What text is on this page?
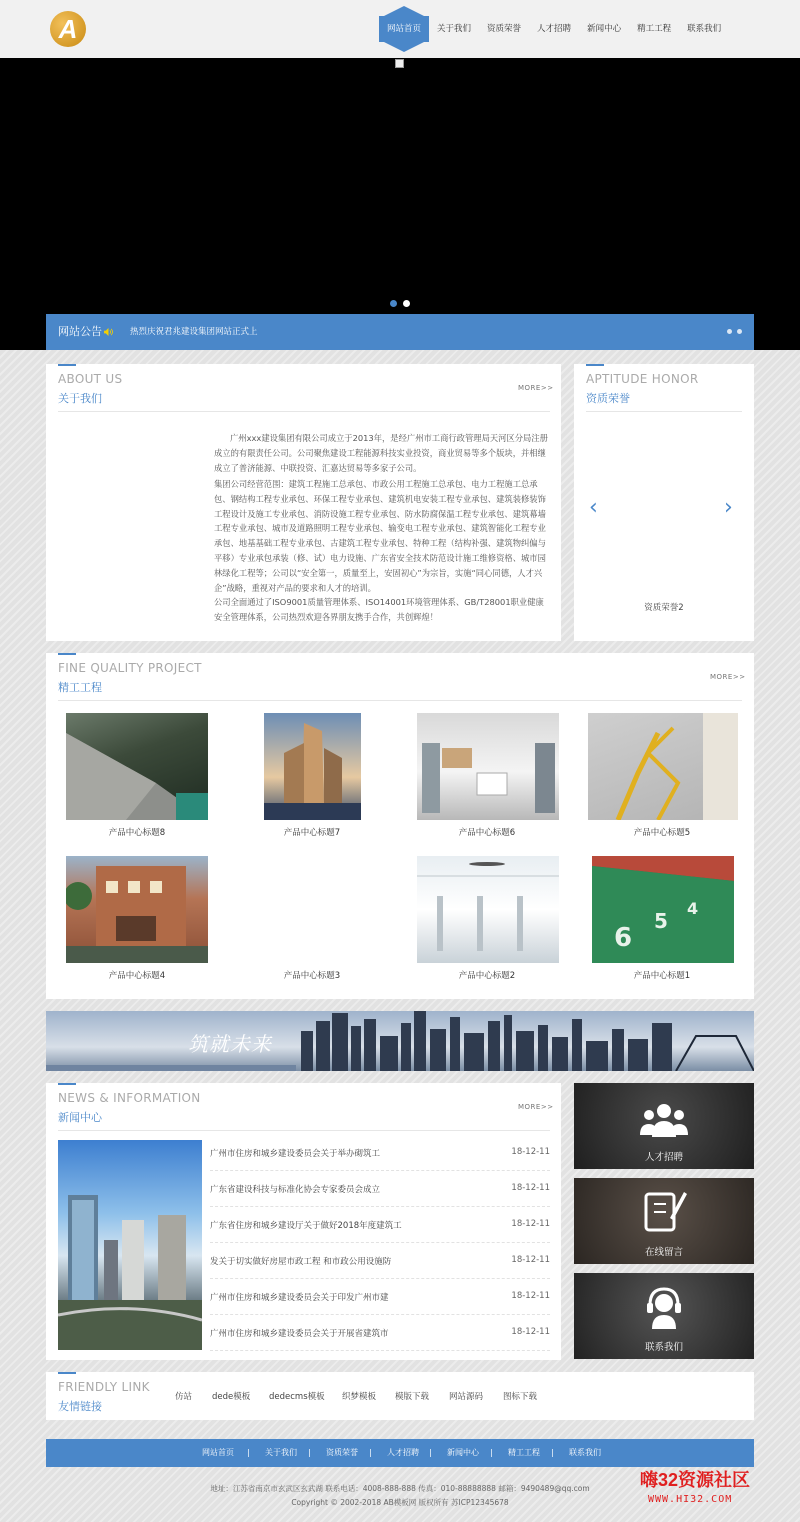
A	网站首页	关于我们	资质荣誉	人才招聘	新闻中心	精工工程	联系我们
网站公告	热烈庆祝君兆建设集团网站正式上
ABOUT US
关于我们
MORE>>
广州xxx建设集团有限公司成立于2013年，是经广州市工商行政管理局天河区分局注册成立的有限责任公司。公司聚焦建设工程能源科技实业投资，商业贸易等多个版块，并相继成立了普济能源、中联投资、汇嘉达贸易等多家子公司。
集团公司经营范围：建筑工程施工总承包、市政公用工程施工总承包、电力工程施工总承包、钢结构工程专业承包、环保工程专业承包、建筑机电安装工程专业承包、建筑装修装饰工程设计及施工专业承包、消防设施工程专业承包、防水防腐保温工程专业承包、建筑幕墙工程专业承包、城市及道路照明工程专业承包、输变电工程专业承包、建筑智能化工程专业承包、地基基础工程专业承包、古建筑工程专业承包、特种工程（结构补强、建筑物纠偏与平移）专业承包承装（修、试）电力设施、广东省安全技术防范设计施工维修资格、城市园林绿化工程等；公司以“安全第一，质量至上，安固初心”为宗旨，实施“同心同德，人才兴企”战略，重视对产品的要求和人才的培训。
公司全面通过了ISO9001质量管理体系、ISO14001环境管理体系、GB/T28001职业健康安全管理体系，公司热烈欢迎各界朋友携手合作，共创辉煌！
APTITUDE HONOR
资质荣誉
‹	›
资质荣誉2
FINE QUALITY PROJECT
精工工程
MORE>>
产品中心标题8	产品中心标题7	产品中心标题6	产品中心标题5
产品中心标题4	产品中心标题3	产品中心标题2
6
5
4
产品中心标题1
筑就未来
NEWS & INFORMATION
新闻中心
MORE>>
广州市住房和城乡建设委员会关于举办砌筑工	18-12-11
广东省建设科技与标准化协会专家委员会成立	18-12-11
广东省住房和城乡建设厅关于做好2018年度建筑工	18-12-11
发关于切实做好房屋市政工程 和市政公用设施防	18-12-11
广州市住房和城乡建设委员会关于印发广州市建	18-12-11
广州市住房和城乡建设委员会关于开展省建筑市	18-12-11
人才招聘
在线留言
联系我们
FRIENDLY LINK
友情链接
仿站 dede模板 dedecms模板 织梦模板 模版下载 网站源码 图标下载
网站首页 | 关于我们 | 资质荣誉 | 人才招聘 | 新闻中心 | 精工工程 | 联系我们
地址：江苏省南京市玄武区玄武湖 联系电话：4008-888-888 传真：010-88888888 邮箱：9490489@qq.com
Copyright © 2002-2018 AB模板网 版权所有 苏ICP12345678
嗨32资源社区
WWW.HI32.COM
